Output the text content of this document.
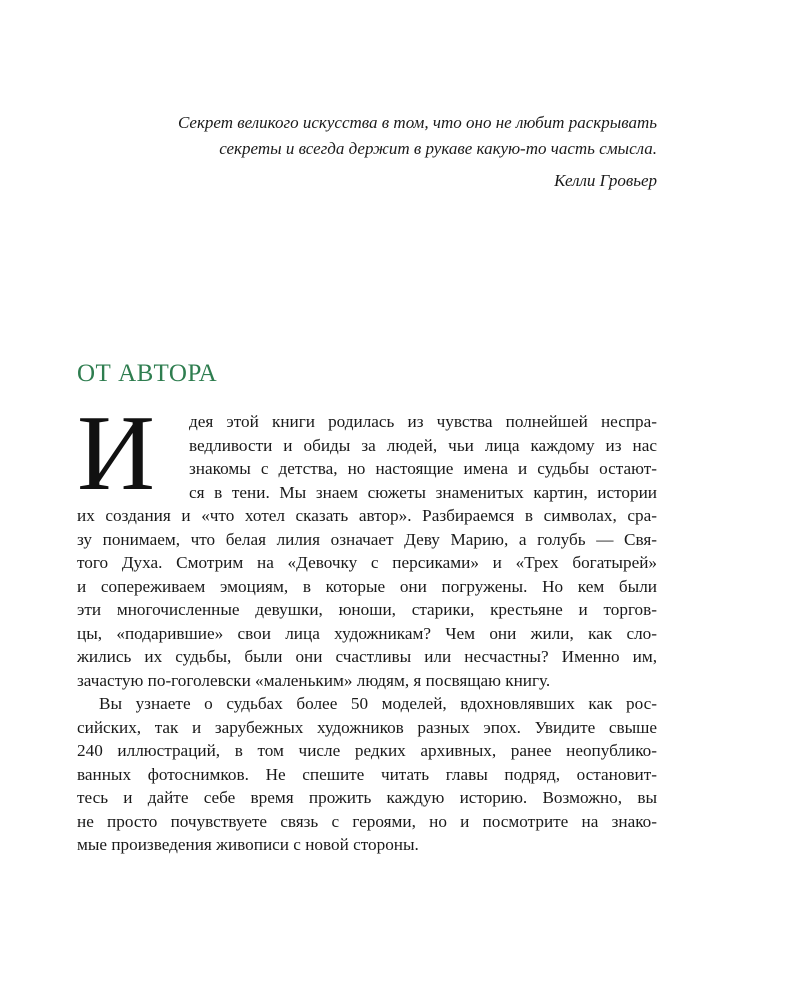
Секрет великого искусства в том, что оно не любит раскрывать
секреты и всегда держит в рукаве какую-то часть смысла.
Келли Гровьер
ОТ АВТОРА
И	дея этой книги родилась из чувства полнейшей неспра-
ведливости и обиды за людей, чьи лица каждому из нас
знакомы с детства, но настоящие имена и судьбы остают-
ся в тени. Мы знаем сюжеты знаменитых картин, истории
их создания и «что хотел сказать автор». Разбираемся в символах, сра-
зу понимаем, что белая лилия означает Деву Марию, а голубь — Свя-
того Духа. Смотрим на «Девочку с персиками» и «Трех богатырей»
и сопереживаем эмоциям, в которые они погружены. Но кем были
эти многочисленные девушки, юноши, старики, крестьяне и торгов-
цы, «подарившие» свои лица художникам? Чем они жили, как сло-
жились их судьбы, были они счастливы или несчастны? Именно им,
зачастую по-гоголевски «маленьким» людям, я посвящаю книгу.
Вы узнаете о судьбах более 50 моделей, вдохновлявших как рос-
сийских, так и зарубежных художников разных эпох. Увидите свыше
240 иллюстраций, в том числе редких архивных, ранее неопублико-
ванных фотоснимков. Не спешите читать главы подряд, остановит-
тесь и дайте себе время прожить каждую историю. Возможно, вы
не просто почувствуете связь с героями, но и посмотрите на знако-
мые произведения живописи с новой стороны.
